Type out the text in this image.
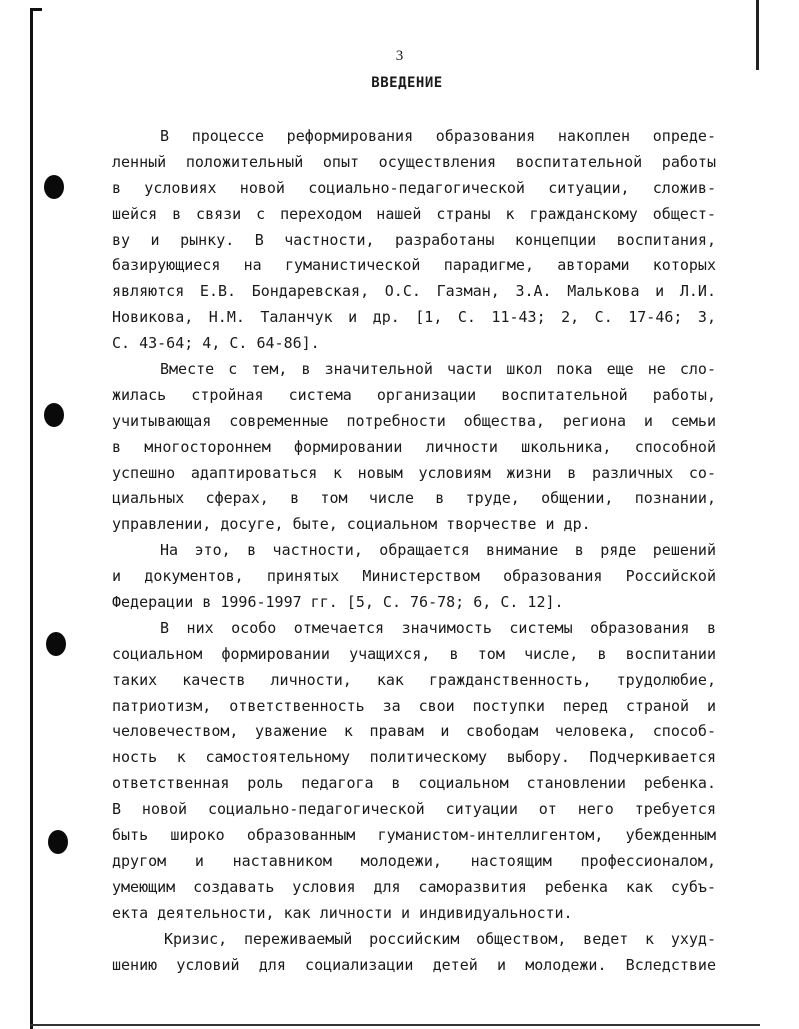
3
ВВЕДЕНИЕ
В процессе реформирования образования накоплен опреде-
ленный положительный опыт осуществления воспитательной работы
в условиях новой социально-педагогической ситуации, сложив-
шейся в связи с переходом нашей страны к гражданскому общест-
ву и рынку. В частности, разработаны концепции воспитания,
базирующиеся на гуманистической парадигме, авторами которых
являются Е.В. Бондаревская, О.С. Газман, З.А. Малькова и Л.И.
Новикова, Н.М. Таланчук и др. [1, С. 11-43; 2, С. 17-46; 3,
С. 43-64; 4, С. 64-86].
Вместе с тем, в значительной части школ пока еще не сло-
жилась стройная система организации воспитательной работы,
учитывающая современные потребности общества, региона и семьи
в многостороннем формировании личности школьника, способной
успешно адаптироваться к новым условиям жизни в различных со-
циальных сферах, в том числе в труде, общении, познании,
управлении, досуге, быте, социальном творчестве и др.
На это, в частности, обращается внимание в ряде решений
и документов, принятых Министерством образования Российской
Федерации в 1996-1997 гг. [5, С. 76-78; 6, С. 12].
В них особо отмечается значимость системы образования в
социальном формировании учащихся, в том числе, в воспитании
таких качеств личности, как гражданственность, трудолюбие,
патриотизм, ответственность за свои поступки перед страной и
человечеством, уважение к правам и свободам человека, способ-
ность к самостоятельному политическому выбору. Подчеркивается
ответственная роль педагога в социальном становлении ребенка.
В новой социально-педагогической ситуации от него требуется
быть широко образованным гуманистом-интеллигентом, убежденным
другом и наставником молодежи, настоящим профессионалом,
умеющим создавать условия для саморазвития ребенка как субъ-
екта деятельности, как личности и индивидуальности.
Кризис, переживаемый российским обществом, ведет к ухуд-
шению условий для социализации детей и молодежи. Вследствие
